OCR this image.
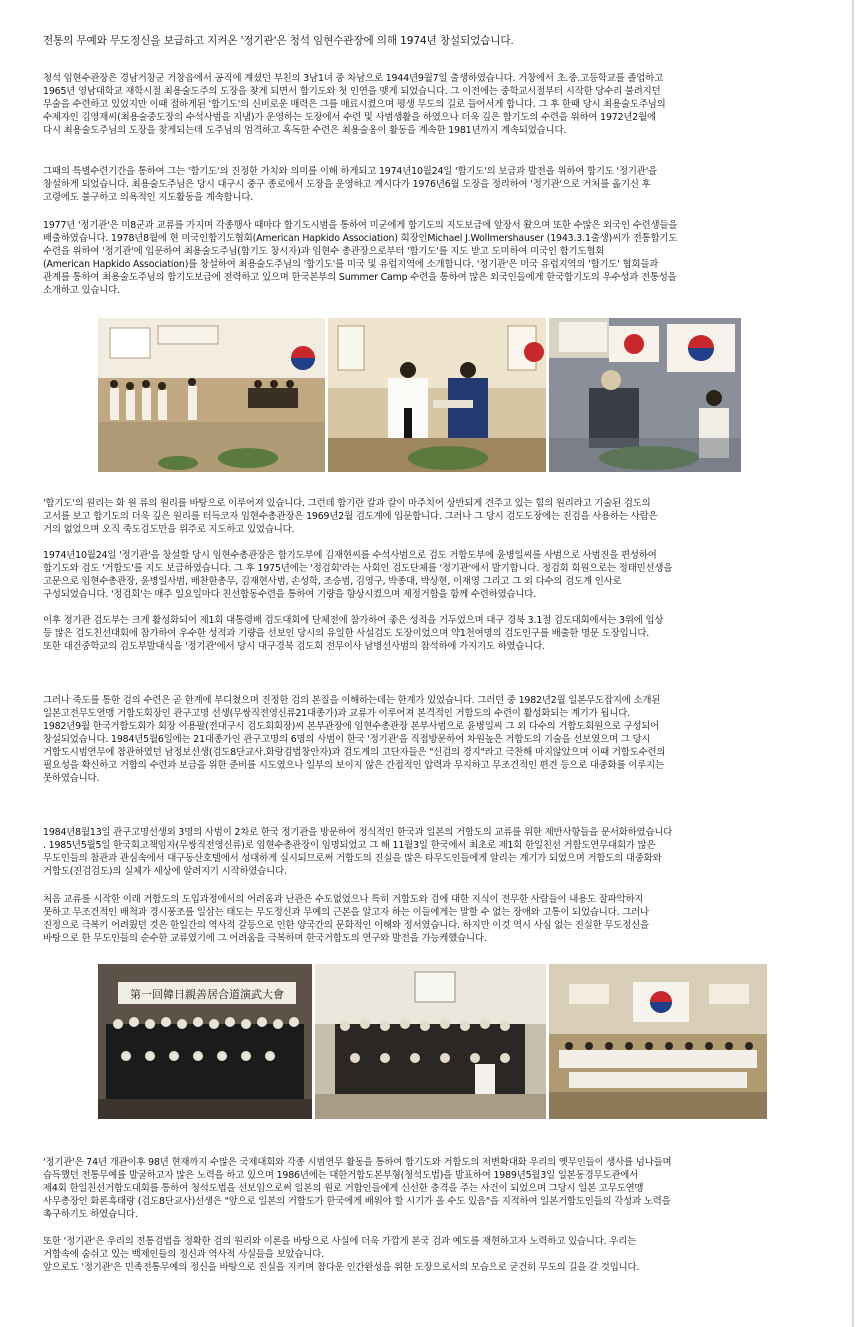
전통의 무예와 무도정신을 보급하고 지켜온 '정기관'은 청석 임현수관장에 의해 1974년 창설되었습니다.

청석 임현수관장은 경남거창군 거창읍에서 공직에 계셨던 부친의 3남1녀 중 차남으로 1944년9월7일 출생하였습니다. 거창에서 초.중.고등학교를 졸업하고
1965년 영남대학교 재학시절 최용술도주의 도장을 찾게 되면서 합기도와 첫 인연을 맺게 되었습니다. 그 이전에는 중학교시절부터 시작한 당수리 불려지던
무술을 수련하고 있었지만 이때 접하게된 '합기도'의 신비로운 매력은 그를 매료시켰으며 평생 무도의 길로 들어서게 합니다. 그 후 한때 당시 최용술도주님의
수제자인 김영재씨(최용술중도장의 수석사범을 지냄)가 운영하는 도장에서 수련 및 사범생활을 하였으나 더욱 깊은 합기도의 수련을 위하여 1972년2월에
다시 최용술도주님의 도장을 찾게되는데 도주님의 엄격하고 혹독한 수련은 최용술옹이 활동을 계속한 1981년까지 계속되었습니다.

그때의 특별수련기간을 통하여 그는 '합기도'의 진정한 가치와 의미를 이해 하게되고 1974년10월24일 '합기도'의 보급과 발전을 위하여 합기도 '정기관'을
창설하게 되었습니다. 최용술도주님은 당시 대구시 중구 종로에서 도장을 운영하고 계시다가 1976년6월 도장을 정리하여 '정기관'으로 거처를 옮기신 후
고령에도 불구하고 의욕적인 지도활동을 계속합니다.

1977년 '정기관'은 미8군과 교류를 가지며 각종행사 때마다 합기도시범을 통하여 미군에게 합기도의 지도보급에 앞장서 왔으며 또한 수많은 외국인 수련생들을
배출하였습니다. 1978년8월에 현 미국인합기도협회(American Hapkido Association) 회장인Michael J.Wollmershauser (1943.3.1출생)씨가 전통합기도
수련을 위하여 '정기관'에 입문하여 최용술도주님(합기도 창시자)과 임현수 총관장으로부터 '합기도'를 지도 받고 도미하여 미국인 합기도협회
(American Hapkido Association)를 창설하여 최용술도주님의 '합기도'를 미국 및 유럽지역에 소개합니다. '정기관'은 미국 유럽지역의 '합기도' 협회들과
관계를 통하여 최용술도주님의 합기도보급에 전력하고 있으며 한국본부의 Summer Camp 수련을 통하여 많은 외국인들에게 한국합기도의 우수성과 전통성을
소개하고 있습니다.

'합기도'의 원리는 화 원 류의 원리를 바탕으로 이루어져 있습니다. 그런데 합기란 칼과 칼이 마주치어 상반되게 견주고 있는 힘의 원리라고 기술된 검도의
고서를 보고 합기도의 더욱 깊은 원리를 터득코자 임현수총관장은 1969년2월 검도계에 입문합니다. 그러나 그 당시 검도도장에는 진검을 사용하는 사람은
거의 없었으며 오직 죽도검도만을 위주로 지도하고 있었습니다.

1974년10월24일 '정기관'을 창설할 당시 임현수총관장은 합기도부에 김재현씨를 수석사범으로 검도 거합도부에 윤병일씨를 사범으로 사범진을 편성하여
합기도와 검도 '거합도'를 지도 보급하였습니다. 그 후 1975년에는 '정검회'라는 사회인 검도단체를 '정기관'에서 발기합니다. 정검회 회원으로는 정태민선생을
고문으로 임현수총관장, 윤병일사범, 배찬한총무, 김재현사범, 손성학, 조승범, 김영구, 박종대, 박상현, 이재영 그리고 그 외 다수의 검도계 인사로
구성되었습니다. '정검회'는 매주 일요일마다 친선합동수련을 통하여 기량을 향상시켰으며 제정거합을 함께 수련하였습니다.

이후 정기관 검도부는 크게 활성화되어 제1회 대통령배 검도대회에 단체전에 참가하여 좋은 성적을 거두었으며 대구 경북 3.1절 검도대회에서는 3위에 입상
등 많은 검도친선대회에 참가하여 우수한 성적과 기량을 선보인 당시의 유일한 사설검도 도장이었으며 약1천여명의 검도인구를 배출한 명문 도장입니다.
또한 대건중학교의 검도부발대식을 '정기관'에서 당시 대구경북 검도회 전무이사 남병선사범의 참석하에 가지기도 하였습니다.

그러나 죽도를 통한 검의 수련은 곧 한계에 부디쳤으며 진정한 검의 본질을 이해하는데는 한계가 있었습니다. 그러던 중 1982년2월 일본무도잡지에 소개된
일본고전무도연맹 거합도회장인 관구고명 선생(무쌍직전영신류21대종가)과 교류가 이루어져 본격적인 거합도의 수련이 활성화되는 계기가 됩니다.
1982년9월 한국거합도회가 회장 이용팔(전대구시 검도회회장)씨 본부관장에 임현수총관장 본부사범으로 윤병일씨 그 외 다수의 거합도회원으로 구성되어
창설되었습니다. 1984년5월6일에는 21대종가인 관구고명의 6명의 사범이 한국 '정기관'을 직접방문하여 차원높은 거합도의 기술을 선보였으며 그 당시
거합도시범연무에 참관하였던 남정보선생(검도8단교사.화랑검법창안자)과 검도계의 고단자들은 "신검의 경지"라고 극찬해 마지않았으며 이때 거합도수련의
필요성을 확신하고 거합의 수련과 보급을 위한 준비를 시도였으나 일부의 보이지 않은 간접적인 압력과 무지하고 무조건적인 편견 등으로 대중화를 이루지는
못하였습니다.

1984년8월13일 관구고명선생외 3명의 사범이 2차로 한국 정기관을 방문하여 정식적인 한국과 일본의 거합도의 교류를 위한 제반사항들을 문서화하였습니다
. 1985년5월5일 한국회고책임자(무쌍직전영신류)로 임현수총관장이 임명되었고 그 해 11월3일 한국에서 최초로 제1회 한일친선 거합도연무대회가 많은
무도인들의 참관과 관심속에서 대구동산호텔에서 성대하게 실시되므로써 거합도의 진실을 많은 타무도인들에게 알리는 계기가 되었으며 거합도의 대중화와
거합도(진검검도)의 실체가 세상에 알려지기 시작하였습니다.

처음 교류를 시작한 이래 거합도의 도입과정에서의 어려움과 난관은 수도없었으나 특히 거합도와 검에 대한 지식이 전무한 사람들이 내용도 잘파악하지
못하고 무조건적인 배척과 경시풍조를 일삼는 태도는 무도정신과 무예의 근본을 알고자 하는 이들에게는 말할 수 없는 장애와 고통이 되었습니다. 그러나
진정으로 극복키 어려웠던 것은 한일간의 역사적 갈등으로 인한 양국간의 문화적인 이해와 정서였습니다. 하지만 이것 역시 사심 없는 진실한 무도정신을
바탕으로 한 무도인들의 순수한 교류였기에 그 어려움을 극복하며 한국거합도의 연구와 발전을 가능케했습니다.

第一回韓日親善居合道演武大會

'정기관'은 74년 개관이후 98년 현재까지 수많은 국제대회와 각종 시범연무 활동을 통하여 합기도와 거합도의 저변확대화 우리의 옛무인들이 생사를 넘나들며
습득했던 전통무예를 발굴하고자 많은 노력을 하고 있으며 1986년에는 대한거합도본부형(청석도법)을 발표하여 1989년5월3일 일본동경무도관에서
제4회 한일친선거합도대회를 통하여 청석도법을 선보임으로써 일본의 원로 거합인들에게 신선한 충격을 주는 사건이 되었으며 그당시 일본 고무도연맹
사무총장인 화론흑태랑 (검도8단교사)선생은 "앞으로 일본의 거합도가 한국에게 배워야 할 시기가 올 수도 있음"을 지적하여 일본거합도인들의 각성과 노력을
촉구하기도 하였습니다.

또한 '정기관'은 우리의 전통검법을 정확한 검의 원리와 이론을 바탕으로 사실에 더욱 가깝게 본국 검과 예도를 재현하고자 노력하고 있습니다. 우리는
거합속에 숨쉬고 있는 백제인들의 정신과 역사적 사실들을 보았습니다.
앞으로도 '정기관'은 민족전통무예의 정신을 바탕으로 진실을 지키며 참다운 인간완성을 위한 도장으로서의 모습으로 굳건히 무도의 길을 갈 것입니다.
